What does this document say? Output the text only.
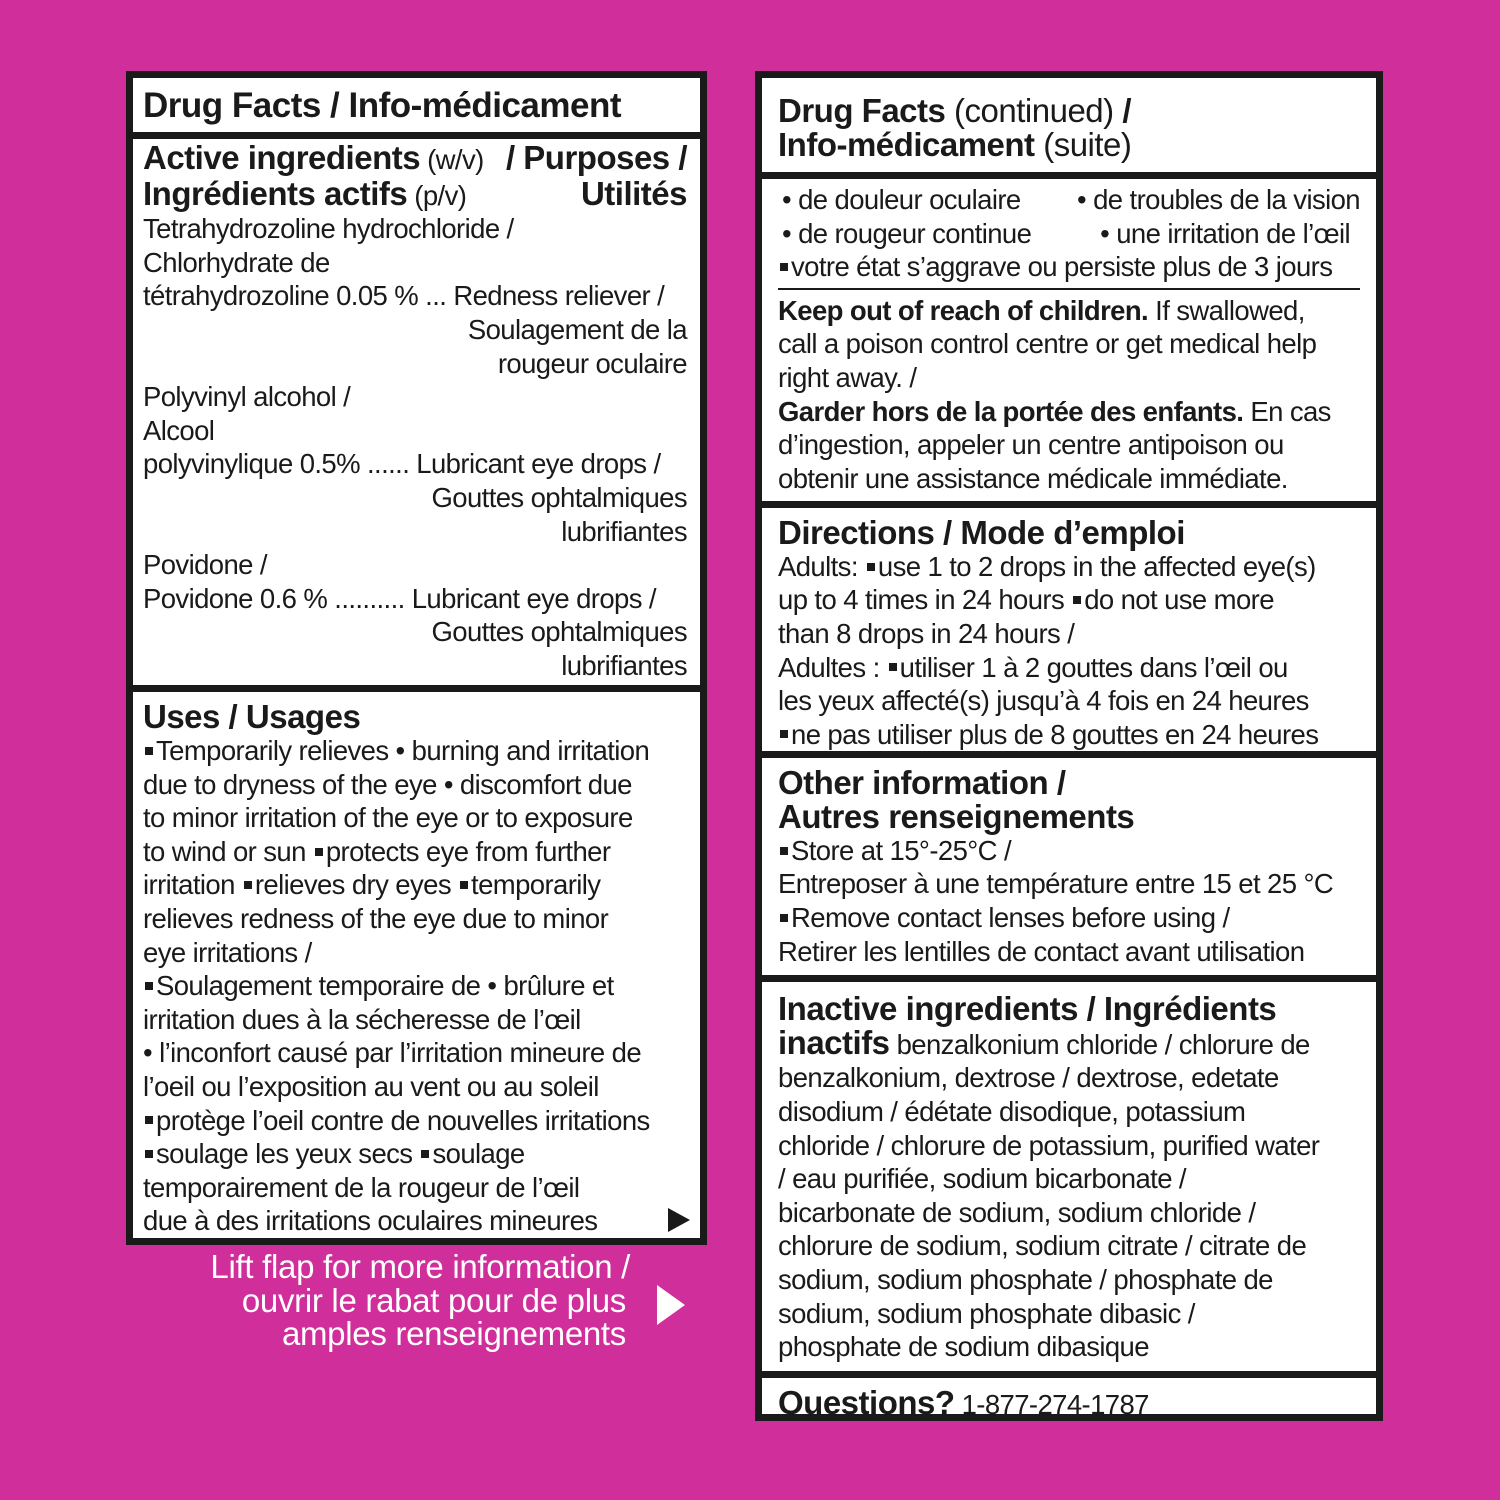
Drug Facts / Info-médicament
Active ingredients (w/v) / Purposes /
Ingrédients actifs (p/v)	Utilités
Tetrahydrozoline hydrochloride /
Chlorhydrate de
tétrahydrozoline 0.05 % ... Redness reliever /
Soulagement de la
rougeur oculaire
Polyvinyl alcohol /
Alcool
polyvinylique 0.5% ...... Lubricant eye drops /
Gouttes ophtalmiques
lubrifiantes
Povidone /
Povidone 0.6 % .......... Lubricant eye drops /
Gouttes ophtalmiques
lubrifiantes
Uses / Usages
Temporarily relieves • burning and irritation
due to dryness of the eye • discomfort due
to minor irritation of the eye or to exposure
to wind or sun protects eye from further
irritation relieves dry eyes temporarily
relieves redness of the eye due to minor
eye irritations /
Soulagement temporaire de • brûlure et
irritation dues à la sécheresse de l’œil
• l’inconfort causé par l’irritation mineure de
l’oeil ou l’exposition au vent ou au soleil
protège l’oeil contre de nouvelles irritations
soulage les yeux secs soulage
temporairement de la rougeur de l’œil
due à des irritations oculaires mineures
Lift flap for more information /
ouvrir le rabat pour de plus
amples renseignements
Drug Facts (continued) /
Info-médicament (suite)
• de douleur oculaire • de troubles de la vision
• de rougeur continue	• une irritation de l’œil
votre état s’aggrave ou persiste plus de 3 jours
Keep out of reach of children. If swallowed,
call a poison control centre or get medical help
right away. /
Garder hors de la portée des enfants. En cas
d’ingestion, appeler un centre antipoison ou
obtenir une assistance médicale immédiate.
Directions / Mode d’emploi
Adults: use 1 to 2 drops in the affected eye(s)
up to 4 times in 24 hours do not use more
than 8 drops in 24 hours /
Adultes : utiliser 1 à 2 gouttes dans l’œil ou
les yeux affecté(s) jusqu’à 4 fois en 24 heures
ne pas utiliser plus de 8 gouttes en 24 heures
Other information /
Autres renseignements
Store at 15°-25°C /
Entreposer à une température entre 15 et 25 °C
Remove contact lenses before using /
Retirer les lentilles de contact avant utilisation
Inactive ingredients / Ingrédients
inactifs benzalkonium chloride / chlorure de
benzalkonium, dextrose / dextrose, edetate
disodium / édétate disodique, potassium
chloride / chlorure de potassium, purified water
/ eau purifiée, sodium bicarbonate /
bicarbonate de sodium, sodium chloride /
chlorure de sodium, sodium citrate / citrate de
sodium, sodium phosphate / phosphate de
sodium, sodium phosphate dibasic /
phosphate de sodium dibasique
Questions? 1-877-274-1787
